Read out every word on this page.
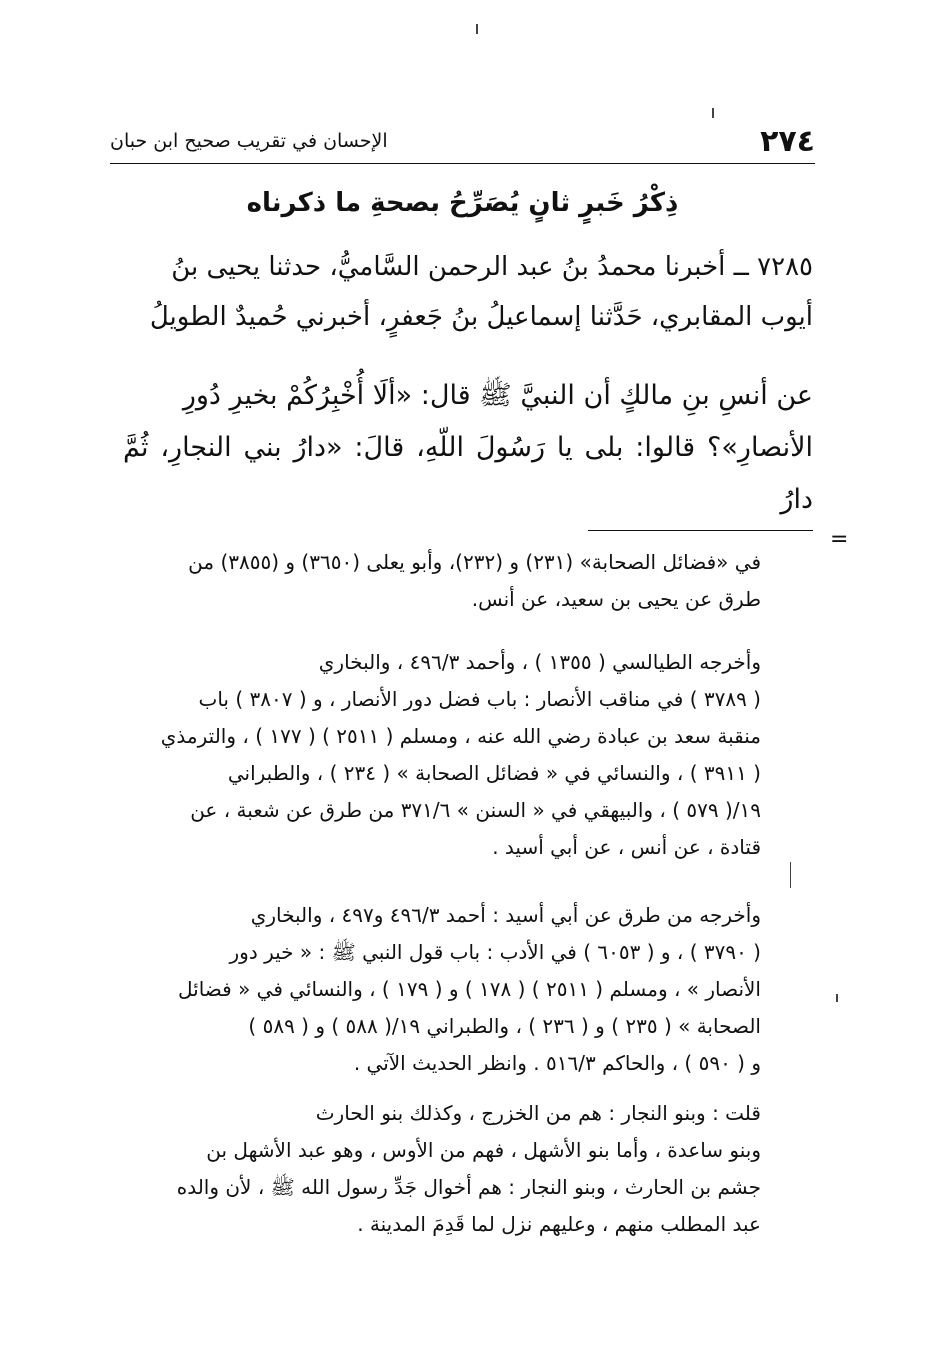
٢٧٤
الإحسان في تقريب صحيح ابن حبان
ذِكْرُ خَبرٍ ثانٍ يُصَرِّحُ بصحةِ ما ذكرناه

٧٢٨٥ ــ أخبرنا محمدُ بنُ عبد الرحمن السَّاميُّ، حدثنا يحيى بنُ

أيوب المقابري، حَدَّثنا إسماعيلُ بنُ جَعفرٍ، أخبرني حُميدٌ الطويلُ

عن أنسِ بنِ مالكٍ أن النبيَّ ﷺ قال: «ألَا أُخْبِرُكُمْ بخيرِ دُورِ

الأنصارِ»؟ قالوا: بلى يا رَسُولَ اللّهِ، قالَ: «دارُ بني النجارِ، ثُمَّ دارُ

=

في «فضائل الصحابة» (٢٣١) و (٢٣٢)، وأبو يعلى (٣٦٥٠) و (٣٨٥٥) من

طرق عن يحيى بن سعيد، عن أنس.

وأخرجه الطيالسي ( ١٣٥٥ ) ، وأحمد ٤٩٦/٣ ، والبخاري

( ٣٧٨٩ ) في مناقب الأنصار : باب فضل دور الأنصار ، و ( ٣٨٠٧ ) باب

منقبة سعد بن عبادة رضي الله عنه ، ومسلم ( ٢٥١١ ) ( ١٧٧ ) ، والترمذي

( ٣٩١١ ) ، والنسائي في « فضائل الصحابة » ( ٢٣٤ ) ، والطبراني

١٩/( ٥٧٩ ) ، والبيهقي في « السنن » ٣٧١/٦ من طرق عن شعبة ، عن

قتادة ، عن أنس ، عن أبي أسيد .

وأخرجه من طرق عن أبي أسيد : أحمد ٤٩٦/٣ و٤٩٧ ، والبخاري

( ٣٧٩٠ ) ، و ( ٦٠٥٣ ) في الأدب : باب قول النبي ﷺ : « خير دور

الأنصار » ، ومسلم ( ٢٥١١ ) ( ١٧٨ ) و ( ١٧٩ ) ، والنسائي في « فضائل

الصحابة » ( ٢٣٥ ) و ( ٢٣٦ ) ، والطبراني ١٩/( ٥٨٨ ) و ( ٥٨٩ )

و ( ٥٩٠ ) ، والحاكم ٥١٦/٣ . وانظر الحديث الآتي .

قلت : وبنو النجار : هم من الخزرج ، وكذلك بنو الحارث

وبنو ساعدة ، وأما بنو الأشهل ، فهم من الأوس ، وهو عبد الأشهل بن

جشم بن الحارث ، وبنو النجار : هم أخوال جَدِّ رسول الله ﷺ ، لأن والده

عبد المطلب منهم ، وعليهم نزل لما قَدِمَ المدينة .
